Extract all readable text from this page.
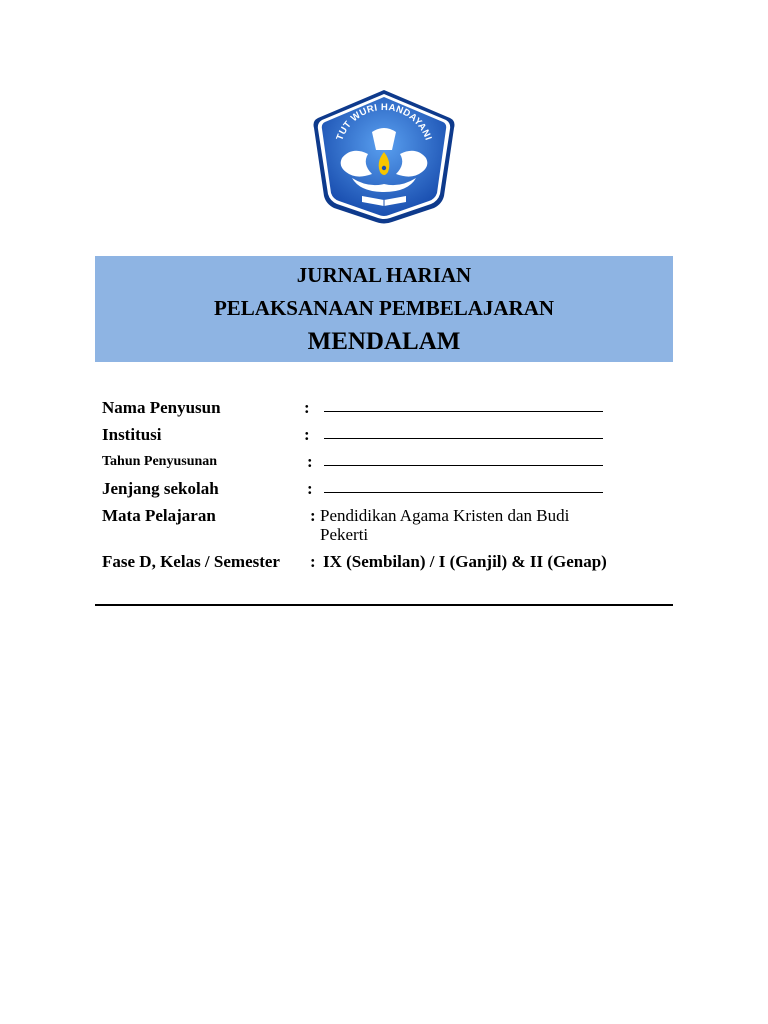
TUT WURI HANDAYANI
JURNAL HARIAN
PELAKSANAAN PEMBELAJARAN
MENDALAM
Nama Penyusun	:
Institusi	:
Tahun Penyusunan	:
Jenjang sekolah	:
Mata Pelajaran	: Pendidikan Agama Kristen dan Budi
Pekerti
Fase D, Kelas / Semester : IX (Sembilan) / I (Ganjil) & II (Genap)
